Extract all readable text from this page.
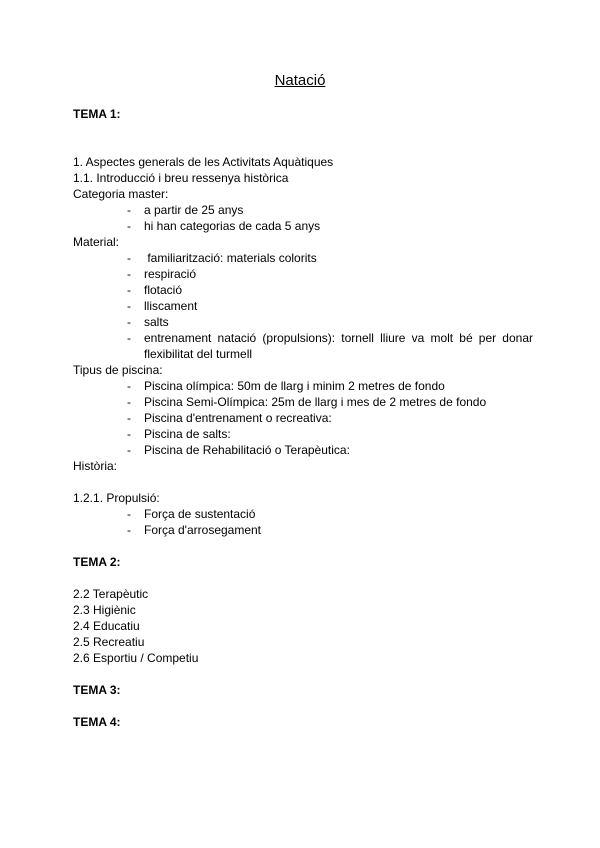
Natació
TEMA 1:
1. Aspectes generals de les Activitats Aquàtiques
1.1. Introducció i breu ressenya històrica
Categoria master:
- a partir de 25 anys
- hi han categorias de cada 5 anys
Material:
- familiarització: materials colorits
- respiració
- flotació
- lliscament
- salts
- entrenament natació (propulsions): tornell lliure va molt bé per donar flexibilitat del turmell
Tipus de piscina:
- Piscina olímpica: 50m de llarg i minim 2 metres de fondo
- Piscina Semi-Olímpica: 25m de llarg i mes de 2 metres de fondo
- Piscina d'entrenament o recreativa:
- Piscina de salts:
- Piscina de Rehabilitació o Terapèutica:
Història:
1.2.1. Propulsió:
- Força de sustentació
- Força d'arrosegament
TEMA 2:
2.2 Terapèutic
2.3 Higiènic
2.4 Educatiu
2.5 Recreatiu
2.6 Esportiu / Competiu
TEMA 3:
TEMA 4:
